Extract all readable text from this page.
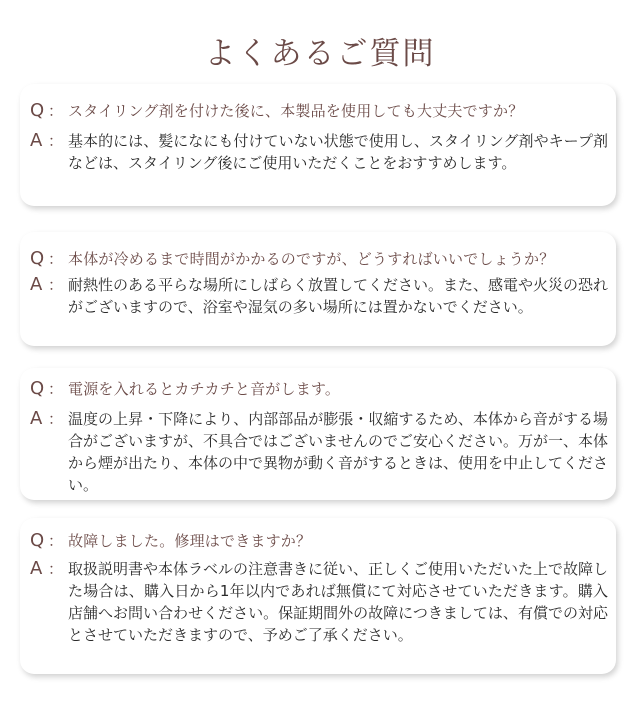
よくあるご質問
Q ： スタイリング剤を付けた後に、本製品を使用しても大丈夫ですか？
A ： 基本的には、髪になにも付けていない状態で使用し、スタイリング剤やキープ剤などは、スタイリング後にご使用いただくことをおすすめします。
Q ： 本体が冷めるまで時間がかかるのですが、どうすればいいでしょうか？
A ： 耐熱性のある平らな場所にしばらく放置してください。また、感電や火災の恐れがございますので、浴室や湿気の多い場所には置かないでください。
Q ： 電源を入れるとカチカチと音がします。
A ： 温度の上昇・下降により、内部部品が膨張・収縮するため、本体から音がする場合がございますが、不具合ではございませんのでご安心ください。万が一、本体から煙が出たり、本体の中で異物が動く音がするときは、使用を中止してください。
Q ： 故障しました。修理はできますか？
A ： 取扱説明書や本体ラベルの注意書きに従い、正しくご使用いただいた上で故障した場合は、購入日から1年以内であれば無償にて対応させていただきます。購入店舗へお問い合わせください。保証期間外の故障につきましては、有償での対応とさせていただきますので、予めご了承ください。
